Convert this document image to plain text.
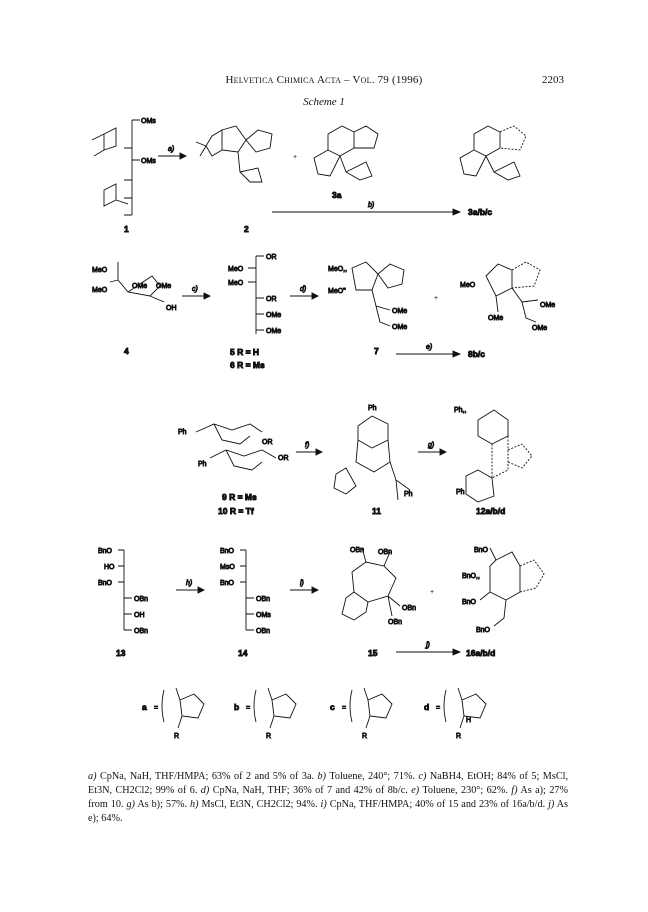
Helvetica Chimica Acta – Vol. 79 (1996)	2203
Scheme 1
OMs
OMs
1
a)
2
+
3a
b)
3a/b/c
MeO
MeO
OMe OMe
OH
4
c)
OR
MeO
MeO
OR
OMe
OMe
5 R = H
6 R = Ms
d)
MeO,,
MeO''
OMe
OMe
7
+
MeO
OMe
OMe
OMe
e)
8b/c
Ph
OR
Ph
OR
9 R = Ms
10 R = Tf
f)
Ph
Ph
11
g)
Ph,,
Ph
12a/b/d
BnO
HO
BnO
OBn
OH
OBn
13
h)
BnO
MsO
BnO
OBn
OMs
OBn
14
i)
OBn OBn
OBn
OBn
15
+
BnO
BnO,,
BnO
BnO
j)
16a/b/d
a =
R
b =
R
c =
R
d =
H
R
a) CpNa, NaH, THF/HMPA; 63% of 2 and 5% of 3a. b) Toluene, 240°; 71%. c) NaBH4, EtOH; 84% of 5; MsCl, Et3N, CH2Cl2; 99% of 6. d) CpNa, NaH, THF; 36% of 7 and 42% of 8b/c. e) Toluene, 230°; 62%. f) As a); 27% from 10. g) As b); 57%. h) MsCl, Et3N, CH2Cl2; 94%. i) CpNa, THF/HMPA; 40% of 15 and 23% of 16a/b/d. j) As e); 64%.
